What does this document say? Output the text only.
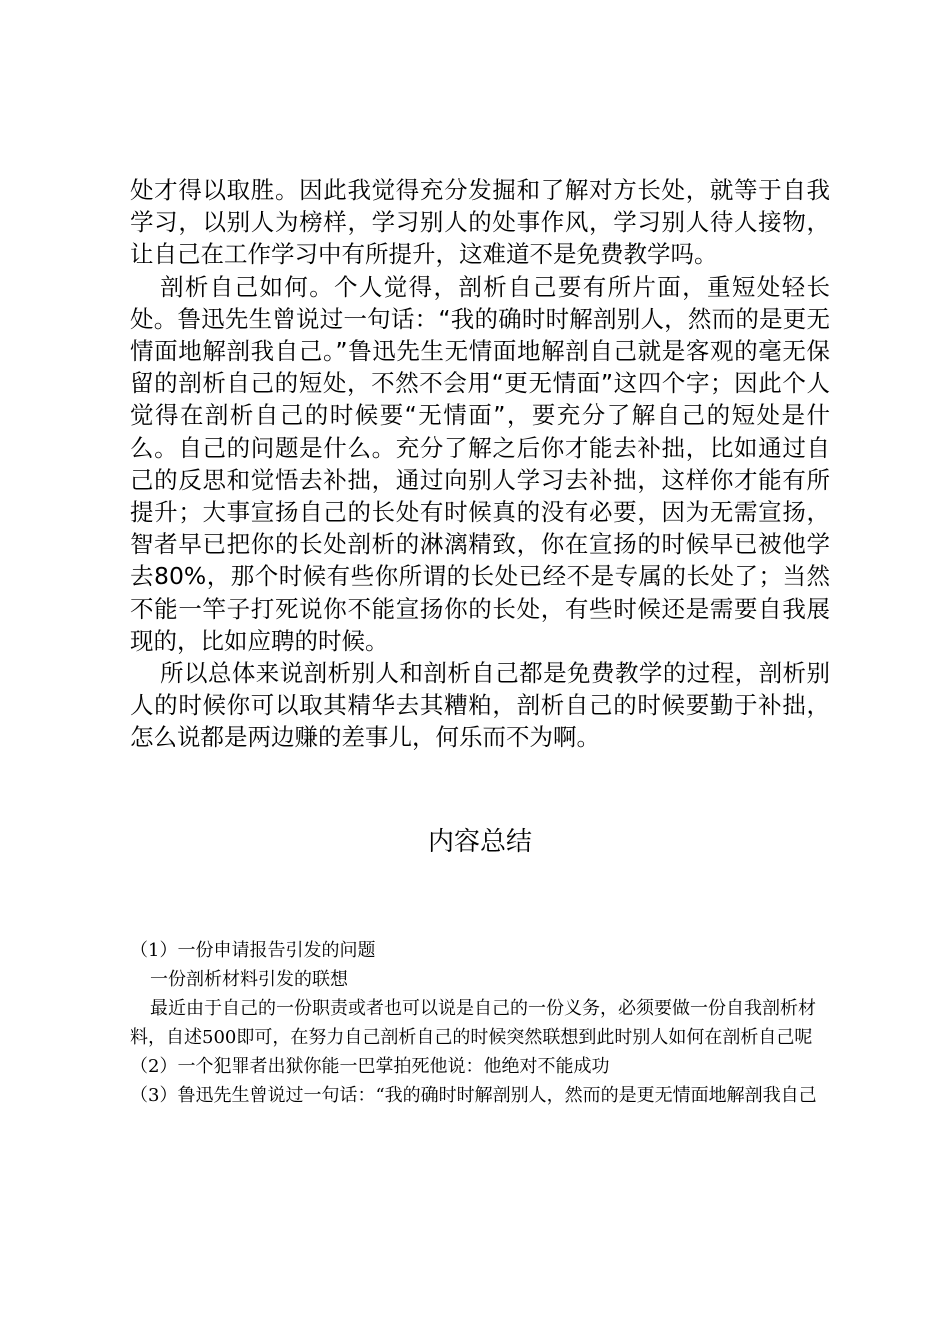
处才得以取胜。因此我觉得充分发掘和了解对方长处，就等于自我学习，以别人为榜样，学习别人的处事作风，学习别人待人接物，让自己在工作学习中有所提升，这难道不是免费教学吗。

剖析自己如何。个人觉得，剖析自己要有所片面，重短处轻长处。鲁迅先生曾说过一句话：“我的确时时解剖别人，然而的是更无情面地解剖我自己。”鲁迅先生无情面地解剖自己就是客观的毫无保留的剖析自己的短处，不然不会用“更无情面”这四个字；因此个人觉得在剖析自己的时候要“无情面”，要充分了解自己的短处是什么。自己的问题是什么。充分了解之后你才能去补拙，比如通过自己的反思和觉悟去补拙，通过向别人学习去补拙，这样你才能有所提升；大事宣扬自己的长处有时候真的没有必要，因为无需宣扬，智者早已把你的长处剖析的淋漓精致，你在宣扬的时候早已被他学去80%，那个时候有些你所谓的长处已经不是专属的长处了；当然不能一竿子打死说你不能宣扬你的长处，有些时候还是需要自我展现的，比如应聘的时候。

所以总体来说剖析别人和剖析自己都是免费教学的过程，剖析别人的时候你可以取其精华去其糟粕，剖析自己的时候要勤于补拙，怎么说都是两边赚的差事儿，何乐而不为啊。

内容总结

（1）一份申请报告引发的问题

一份剖析材料引发的联想

最近由于自己的一份职责或者也可以说是自己的一份义务，必须要做一份自我剖析材料，自述500即可，在努力自己剖析自己的时候突然联想到此时别人如何在剖析自己呢

（2）一个犯罪者出狱你能一巴掌拍死他说：他绝对不能成功

（3）鲁迅先生曾说过一句话：“我的确时时解剖别人，然而的是更无情面地解剖我自己
